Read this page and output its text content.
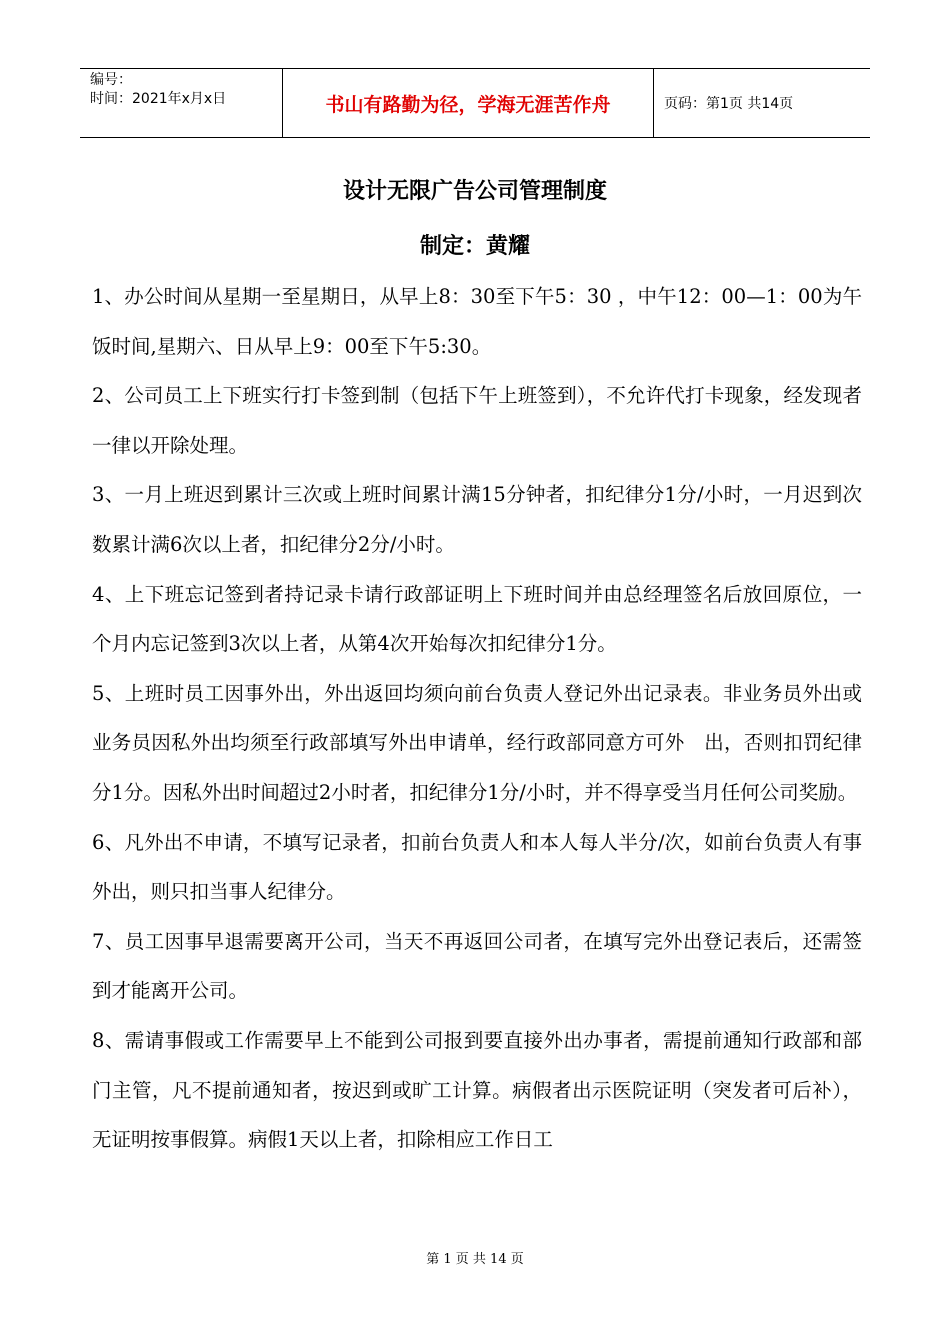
编号：
时间：2021年x月x日	书山有路勤为径，学海无涯苦作舟	页码：第1页 共14页
设计无限广告公司管理制度
制定：黄耀

1、办公时间从星期一至星期日，从早上8：30至下午5：30 ，中午12：00—1：00为午饭时间,星期六、日从早上9：00至下午5:30。

2、公司员工上下班实行打卡签到制（包括下午上班签到），不允许代打卡现象，经发现者一律以开除处理。

3、一月上班迟到累计三次或上班时间累计满15分钟者，扣纪律分1分/小时，一月迟到次数累计满6次以上者，扣纪律分2分/小时。

4、上下班忘记签到者持记录卡请行政部证明上下班时间并由总经理签名后放回原位，一　个月内忘记签到3次以上者，从第4次开始每次扣纪律分1分。

5、上班时员工因事外出，外出返回均须向前台负责人登记外出记录表。非业务员外出或业务员因私外出均须至行政部填写外出申请单，经行政部同意方可外　出，否则扣罚纪律分1分。因私外出时间超过2小时者，扣纪律分1分/小时，并不得享受当月任何公司奖励。

6、凡外出不申请，不填写记录者，扣前台负责人和本人每人半分/次，如前台负责人有事外出，则只扣当事人纪律分。

7、员工因事早退需要离开公司，当天不再返回公司者，在填写完外出登记表后，还需签到才能离开公司。

8、需请事假或工作需要早上不能到公司报到要直接外出办事者，需提前通知行政部和部门主管，凡不提前通知者，按迟到或旷工计算。病假者出示医院证明（突发者可后补），无证明按事假算。病假1天以上者，扣除相应工作日工

第 1 页 共 14 页
